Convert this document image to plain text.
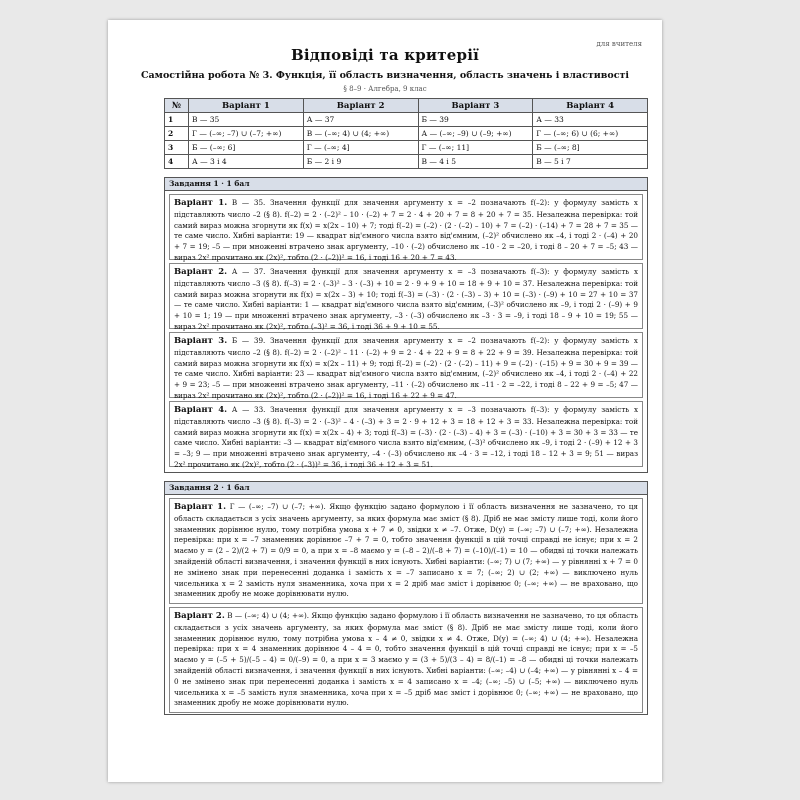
для вчителя
Відповіді та критерії
Самостійна робота № 3. Функція, її область визначення, область значень і властивості
§ 8–9 · Алгебра, 9 клас
№	Варіант 1	Варіант 2	Варіант 3	Варіант 4
1	В — 35	А — 37	Б — 39	А — 33
2	Г — (–∞; –7) ∪ (–7; +∞)	В — (–∞; 4) ∪ (4; +∞)	А — (–∞; –9) ∪ (–9; +∞)	Г — (–∞; 6) ∪ (6; +∞)
3	Б — (–∞; 6]	Г — (–∞; 4]	Г — (–∞; 11]	Б — (–∞; 8]
4	А — 3 і 4	Б — 2 і 9	В — 4 і 5	В — 5 і 7
Завдання 1 · 1 бал
Варіант 1. В — 35. Значення функції для значення аргументу x = –2 позначають f(–2): у формулу замість x підставляють число –2 (§ 8). f(–2) = 2 · (–2)² – 10 · (–2) + 7 = 2 · 4 + 20 + 7 = 8 + 20 + 7 = 35. Незалежна перевірка: той самий вираз можна згорнути як f(x) = x(2x – 10) + 7; тоді f(–2) = (–2) · (2 · (–2) – 10) + 7 = (–2) · (–14) + 7 = 28 + 7 = 35 — те саме число. Хибні варіанти: 19 — квадрат від'ємного числа взято від'ємним, (–2)² обчислено як –4, і тоді 2 · (–4) + 20 + 7 = 19; –5 — при множенні втрачено знак аргументу, –10 · (–2) обчислено як –10 · 2 = –20, і тоді 8 – 20 + 7 = –5; 43 — вираз 2x² прочитано як (2x)², тобто (2 · (–2))² = 16, і тоді 16 + 20 + 7 = 43.
Варіант 2. А — 37. Значення функції для значення аргументу x = –3 позначають f(–3): у формулу замість x підставляють число –3 (§ 8). f(–3) = 2 · (–3)² – 3 · (–3) + 10 = 2 · 9 + 9 + 10 = 18 + 9 + 10 = 37. Незалежна перевірка: той самий вираз можна згорнути як f(x) = x(2x – 3) + 10; тоді f(–3) = (–3) · (2 · (–3) – 3) + 10 = (–3) · (–9) + 10 = 27 + 10 = 37 — те саме число. Хибні варіанти: 1 — квадрат від'ємного числа взято від'ємним, (–3)² обчислено як –9, і тоді 2 · (–9) + 9 + 10 = 1; 19 — при множенні втрачено знак аргументу, –3 · (–3) обчислено як –3 · 3 = –9, і тоді 18 – 9 + 10 = 19; 55 — вираз 2x² прочитано як (2x)², тобто (–3)² = 36, і тоді 36 + 9 + 10 = 55.
Варіант 3. Б — 39. Значення функції для значення аргументу x = –2 позначають f(–2): у формулу замість x підставляють число –2 (§ 8). f(–2) = 2 · (–2)² – 11 · (–2) + 9 = 2 · 4 + 22 + 9 = 8 + 22 + 9 = 39. Незалежна перевірка: той самий вираз можна згорнути як f(x) = x(2x – 11) + 9; тоді f(–2) = (–2) · (2 · (–2) – 11) + 9 = (–2) · (–15) + 9 = 30 + 9 = 39 — те саме число. Хибні варіанти: 23 — квадрат від'ємного числа взято від'ємним, (–2)² обчислено як –4, і тоді 2 · (–4) + 22 + 9 = 23; –5 — при множенні втрачено знак аргументу, –11 · (–2) обчислено як –11 · 2 = –22, і тоді 8 – 22 + 9 = –5; 47 — вираз 2x² прочитано як (2x)², тобто (2 · (–2))² = 16, і тоді 16 + 22 + 9 = 47.
Варіант 4. А — 33. Значення функції для значення аргументу x = –3 позначають f(–3): у формулу замість x підставляють число –3 (§ 8). f(–3) = 2 · (–3)² – 4 · (–3) + 3 = 2 · 9 + 12 + 3 = 18 + 12 + 3 = 33. Незалежна перевірка: той самий вираз можна згорнути як f(x) = x(2x – 4) + 3; тоді f(–3) = (–3) · (2 · (–3) – 4) + 3 = (–3) · (–10) + 3 = 30 + 3 = 33 — те саме число. Хибні варіанти: –3 — квадрат від'ємного числа взято від'ємним, (–3)² обчислено як –9, і тоді 2 · (–9) + 12 + 3 = –3; 9 — при множенні втрачено знак аргументу, –4 · (–3) обчислено як –4 · 3 = –12, і тоді 18 – 12 + 3 = 9; 51 — вираз 2x² прочитано як (2x)², тобто (2 · (–3))² = 36, і тоді 36 + 12 + 3 = 51.
Завдання 2 · 1 бал
Варіант 1. Г — (–∞; –7) ∪ (–7; +∞). Якщо функцію задано формулою і її область визначення не зазначено, то ця область складається з усіх значень аргументу, за яких формула має зміст (§ 8). Дріб не має змісту лише тоді, коли його знаменник дорівнює нулю, тому потрібна умова x + 7 ≠ 0, звідки x ≠ –7. Отже, D(y) = (–∞; –7) ∪ (–7; +∞). Незалежна перевірка: при x = –7 знаменник дорівнює –7 + 7 = 0, тобто значення функції в цій точці справді не існує; при x = 2 маємо y = (2 – 2)/(2 + 7) = 0/9 = 0, а при x = –8 маємо y = (–8 – 2)/(–8 + 7) = (–10)/(–1) = 10 — обидві ці точки належать знайденій області визначення, і значення функції в них існують. Хибні варіанти: (–∞; 7) ∪ (7; +∞) — у рівнянні x + 7 = 0 не змінено знак при перенесенні доданка і замість x = –7 записано x = 7; (–∞; 2) ∪ (2; +∞) — виключено нуль чисельника x = 2 замість нуля знаменника, хоча при x = 2 дріб має зміст і дорівнює 0; (–∞; +∞) — не враховано, що знаменник дробу не може дорівнювати нулю.
Варіант 2. В — (–∞; 4) ∪ (4; +∞). Якщо функцію задано формулою і її область визначення не зазначено, то ця область складається з усіх значень аргументу, за яких формула має зміст (§ 8). Дріб не має змісту лише тоді, коли його знаменник дорівнює нулю, тому потрібна умова x – 4 ≠ 0, звідки x ≠ 4. Отже, D(y) = (–∞; 4) ∪ (4; +∞). Незалежна перевірка: при x = 4 знаменник дорівнює 4 – 4 = 0, тобто значення функції в цій точці справді не існує; при x = –5 маємо y = (–5 + 5)/(–5 – 4) = 0/(–9) = 0, а при x = 3 маємо y = (3 + 5)/(3 – 4) = 8/(–1) = –8 — обидві ці точки належать знайденій області визначення, і значення функції в них існують. Хибні варіанти: (–∞; –4) ∪ (–4; +∞) — у рівнянні x – 4 = 0 не змінено знак при перенесенні доданка і замість x = 4 записано x = –4; (–∞; –5) ∪ (–5; +∞) — виключено нуль чисельника x = –5 замість нуля знаменника, хоча при x = –5 дріб має зміст і дорівнює 0; (–∞; +∞) — не враховано, що знаменник дробу не може дорівнювати нулю.
